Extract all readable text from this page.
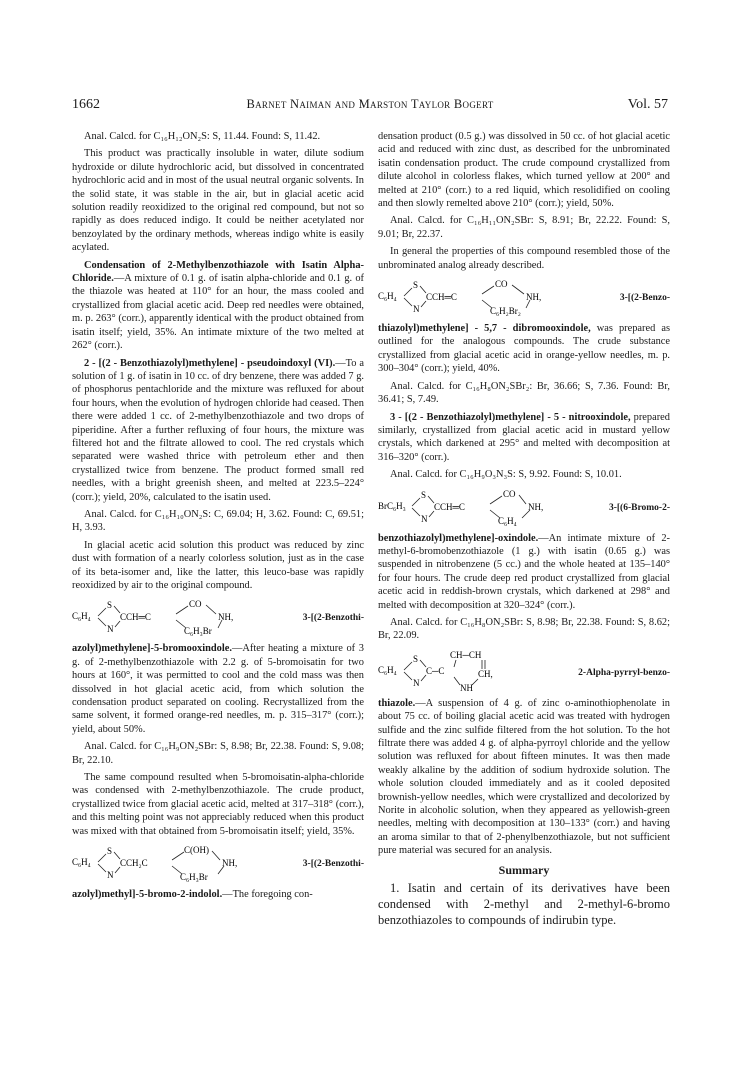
1662	Barnet Naiman and Marston Taylor Bogert	Vol. 57

Anal. Calcd. for C₁₆H₁₂ON₂S: S, 11.44. Found: S, 11.42.

This product was practically insoluble in water, dilute sodium hydroxide or dilute hydrochloric acid, but dissolved in concentrated hydrochloric acid and in most of the usual neutral organic solvents. In the solid state, it was stable in the air, but in glacial acetic acid solution readily reoxidized to the original red compound, but not so rapidly as does reduced indigo. It could be neither acetylated nor benzoylated by the ordinary methods, whereas indigo white is easily acylated.

Condensation of 2-Methylbenzothiazole with Isatin Alpha-Chloride.—A mixture of 0.1 g. of isatin alpha-chloride and 0.1 g. of the thiazole was heated at 110° for an hour, the mass cooled and crystallized from glacial acetic acid. Deep red needles were obtained, m. p. 263° (corr.), apparently identical with the product obtained from isatin itself; yield, 35%. An intimate mixture of the two melted at 262° (corr.).

2 - [(2 - Benzothiazolyl)methylene] - pseudoindoxyl (VI).—To a solution of 1 g. of isatin in 10 cc. of dry benzene, there was added 7 g. of phosphorus pentachloride and the mixture was refluxed for about four hours, when the evolution of hydrogen chloride had ceased. Then there were added 1 cc. of 2-methylbenzothiazole and two drops of piperidine. After a further refluxing of four hours, the mixture was filtered hot and the filtrate allowed to cool. The red crystals which separated were washed thrice with petroleum ether and then crystallized twice from benzene. The product formed small red needles, with a bright greenish sheen, and melted at 223.5–224° (corr.); yield, 20%, calculated to the isatin used.

Anal. Calcd. for C₁₆H₁₀ON₂S: C, 69.04; H, 3.62. Found: C, 69.51; H, 3.93.

In glacial acetic acid solution this product was reduced by zinc dust with formation of a nearly colorless solution, just as in the case of its beta-isomer and, like the latter, this leuco-base was rapidly reoxidized by air to the original compound.

C₆H₄
S
N
CCH═C
CO
C₆H₃Br
NH,	3-[(2-Benzothi-

azolyl)methylene]-5-bromooxindole.—After heating a mixture of 3 g. of 2-methylbenzothiazole with 2.2 g. of 5-bromoisatin for two hours at 160°, it was permitted to cool and the cold mass was then dissolved in hot glacial acetic acid, from which solution the condensation product separated on cooling. Recrystallized from the same solvent, it formed orange-red needles, m. p. 315–317° (corr.); yield, about 50%.

Anal. Calcd. for C₁₆H₉ON₂SBr: S, 8.98; Br, 22.38. Found: S, 9.08; Br, 22.10.

The same compound resulted when 5-bromoisatin-alpha-chloride was condensed with 2-methylbenzothiazole. The crude product, crystallized twice from glacial acetic acid, melted at 317–318° (corr.), and this melting point was not appreciably reduced when this product was mixed with that obtained from 5-bromoisatin itself; yield, 35%.

C₆H₄
S
N
CCH₂C
C(OH)
C₆H₃Br
NH,	3-[(2-Benzothi-

azolyl)methyl]-5-bromo-2-indolol.—The foregoing con-

densation product (0.5 g.) was dissolved in 50 cc. of hot glacial acetic acid and reduced with zinc dust, as described for the unbrominated isatin condensation product. The crude compound crystallized from dilute alcohol in colorless flakes, which turned yellow at 200° and melted at 210° (corr.) to a red liquid, which resolidified on cooling and then slowly remelted above 210° (corr.); yield, 50%.

Anal. Calcd. for C₁₆H₁₁ON₂SBr: S, 8.91; Br, 22.22. Found: S, 9.01; Br, 22.37.

In general the properties of this compound resembled those of the unbrominated analog already described.

C₆H₄
S
N
CCH═C
CO
C₆H₂Br₂
NH,	3-[(2-Benzo-

thiazolyl)methylene] - 5,7 - dibromooxindole, was prepared as outlined for the analogous compounds. The crude substance crystallized from glacial acetic acid in orange-yellow needles, m. p. 300–304° (corr.); yield, 40%.

Anal. Calcd. for C₁₆H₈ON₂SBr₂: Br, 36.66; S, 7.36. Found: Br, 36.41; S, 7.49.

3 - [(2 - Benzothiazolyl)methylene] - 5 - nitrooxindole, prepared similarly, crystallized from glacial acetic acid in mustard yellow crystals, which darkened at 295° and melted with decomposition at 316–320° (corr.).

Anal. Calcd. for C₁₆H₉O₃N₃S: S, 9.92. Found: S, 10.01.

BrC₆H₃
S
N
CCH═C
CO
C₆H₄
NH,	3-[(6-Bromo-2-

benzothiazolyl)methylene]-oxindole.—An intimate mixture of 2-methyl-6-bromobenzothiazole (1 g.) with isatin (0.65 g.) was suspended in nitrobenzene (5 cc.) and the whole heated at 135–140° for four hours. The crude deep red product crystallized from glacial acetic acid in reddish-brown crystals, which darkened at 298° and melted with decomposition at 320–324° (corr.).

Anal. Calcd. for C₁₆H₈ON₂SBr: S, 8.98; Br, 22.38. Found: S, 8.62; Br, 22.09.

C₆H₄
S
N
C─C
CH─CH
CH,
NH
2-Alpha-pyrryl-benzo-

thiazole.—A suspension of 4 g. of zinc o-aminothiophenolate in about 75 cc. of boiling glacial acetic acid was treated with hydrogen sulfide and the zinc sulfide filtered from the hot solution. To the hot filtrate there was added 4 g. of alpha-pyrroyl chloride and the yellow solution was refluxed for about fifteen minutes. It was then made weakly alkaline by the addition of sodium hydroxide solution. The whole solution clouded immediately and as it cooled deposited brownish-yellow needles, which were crystallized and decolorized by Norite in alcoholic solution, when they appeared as yellowish-green needles, melting with decomposition at 130–133° (corr.) and having an aroma similar to that of 2-phenylbenzothiazole, but not sufficient pure material was secured for an analysis.

Summary

1. Isatin and certain of its derivatives have been condensed with 2-methyl and 2-methyl-6-bromo benzothiazoles to compounds of indirubin type.
